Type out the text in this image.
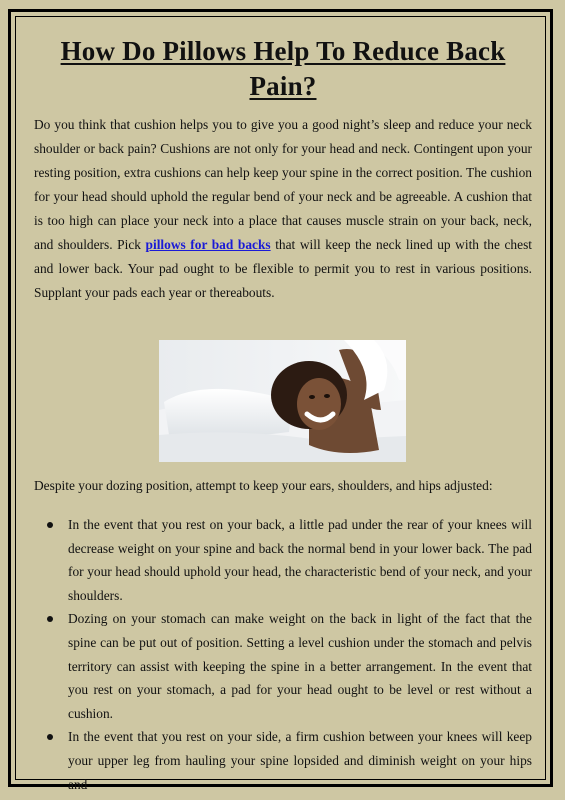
How Do Pillows Help To Reduce Back Pain?

Do you think that cushion helps you to give you a good night’s sleep and reduce your neck shoulder or back pain? Cushions are not only for your head and neck. Contingent upon your resting position, extra cushions can help keep your spine in the correct position. The cushion for your head should uphold the regular bend of your neck and be agreeable. A cushion that is too high can place your neck into a place that causes muscle strain on your back, neck, and shoulders. Pick pillows for bad backs that will keep the neck lined up with the chest and lower back. Your pad ought to be flexible to permit you to rest in various positions. Supplant your pads each year or thereabouts.

Despite your dozing position, attempt to keep your ears, shoulders, and hips adjusted:

In the event that you rest on your back, a little pad under the rear of your knees will decrease weight on your spine and back the normal bend in your lower back. The pad for your head should uphold your head, the characteristic bend of your neck, and your shoulders.
Dozing on your stomach can make weight on the back in light of the fact that the spine can be put out of position. Setting a level cushion under the stomach and pelvis territory can assist with keeping the spine in a better arrangement. In the event that you rest on your stomach, a pad for your head ought to be level or rest without a cushion.
In the event that you rest on your side, a firm cushion between your knees will keep your upper leg from hauling your spine lopsided and diminish weight on your hips and
